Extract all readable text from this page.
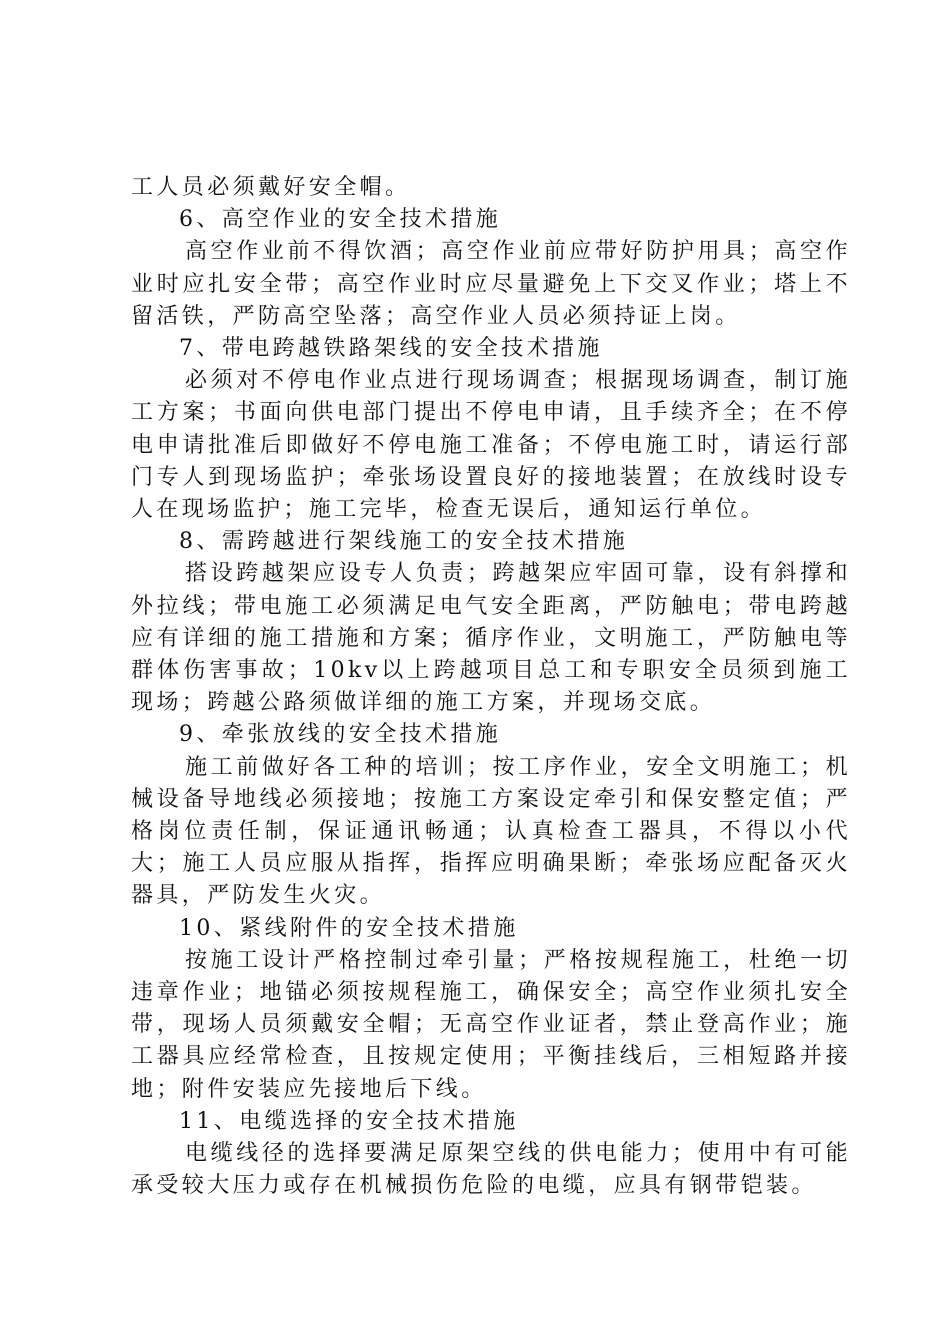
工人员必须戴好安全帽。

6、高空作业的安全技术措施

高空作业前不得饮酒；高空作业前应带好防护用具；高空作业时应扎安全带；高空作业时应尽量避免上下交叉作业；塔上不留活铁，严防高空坠落；高空作业人员必须持证上岗。

7、带电跨越铁路架线的安全技术措施

必须对不停电作业点进行现场调查；根据现场调查，制订施工方案；书面向供电部门提出不停电申请，且手续齐全；在不停电申请批准后即做好不停电施工准备；不停电施工时，请运行部门专人到现场监护；牵张场设置良好的接地装置；在放线时设专人在现场监护；施工完毕，检查无误后，通知运行单位。

8、需跨越进行架线施工的安全技术措施

搭设跨越架应设专人负责；跨越架应牢固可靠，设有斜撑和外拉线；带电施工必须满足电气安全距离，严防触电；带电跨越应有详细的施工措施和方案；循序作业，文明施工，严防触电等群体伤害事故；10kv以上跨越项目总工和专职安全员须到施工现场；跨越公路须做详细的施工方案，并现场交底。

9、牵张放线的安全技术措施

施工前做好各工种的培训；按工序作业，安全文明施工；机械设备导地线必须接地；按施工方案设定牵引和保安整定值；严格岗位责任制，保证通讯畅通；认真检查工器具，不得以小代大；施工人员应服从指挥，指挥应明确果断；牵张场应配备灭火器具，严防发生火灾。

10、紧线附件的安全技术措施

按施工设计严格控制过牵引量；严格按规程施工，杜绝一切违章作业；地锚必须按规程施工，确保安全；高空作业须扎安全带，现场人员须戴安全帽；无高空作业证者，禁止登高作业；施工器具应经常检查，且按规定使用；平衡挂线后，三相短路并接地；附件安装应先接地后下线。

11、电缆选择的安全技术措施

电缆线径的选择要满足原架空线的供电能力；使用中有可能承受较大压力或存在机械损伤危险的电缆，应具有钢带铠装。
